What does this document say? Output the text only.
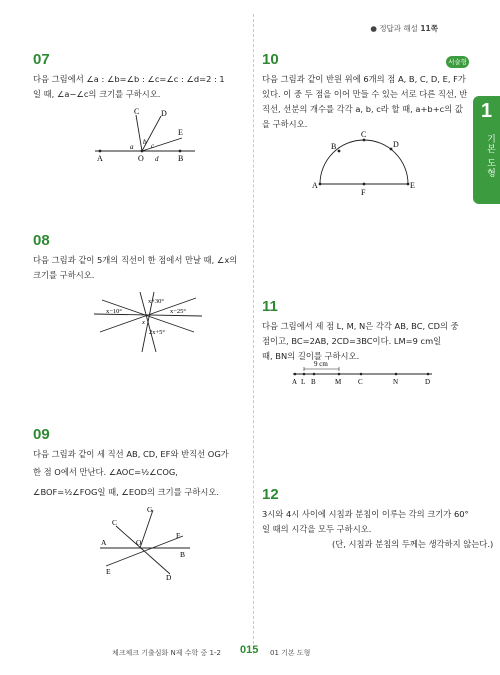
● 정답과 해설 11쪽
1
기본 도형
07

다음 그림에서 ∠a : ∠b=∠b : ∠c=∠c : ∠d=2 : 1

일 때, ∠a−∠c의 크기를 구하시오.

C	D
E
A	O	B
a
b c
d
08

다음 그림과 같이 5개의 직선이 한 점에서 만날 때, ∠x의

크기를 구하시오.

x+30°
x−25°
x−10°
2x+5°
x
09

다음 그림과 같이 세 직선 AB, CD, EF와 반직선 OG가

한 점 O에서 만난다. ∠AOC=½∠COG,

∠BOF=½∠FOG일 때, ∠EOD의 크기를 구하시오.

G
C
F
A	O
B
E
D
10	서술형

다음 그림과 같이 반원 위에 6개의 점 A, B, C, D, E, F가

있다. 이 중 두 점을 이어 만들 수 있는 서로 다른 직선, 반

직선, 선분의 개수를 각각 a, b, c라 할 때, a+b+c의 값

을 구하시오.

A
B
C
D
E
F
11

다음 그림에서 세 점 L, M, N은 각각 AB, BC, CD의 중

점이고, BC=2AB, 2CD=3BC이다. LM=9 cm일

때, BN의 길이를 구하시오.

9 cm
A L B	M C	N	D
12

3시와 4시 사이에 시침과 분침이 이루는 각의 크기가 60°

일 때의 시각을 모두 구하시오.

(단, 시침과 분침의 두께는 생각하지 않는다.)

체크체크 기출심화 N제 수학 중 1-2 015 01 기본 도형
